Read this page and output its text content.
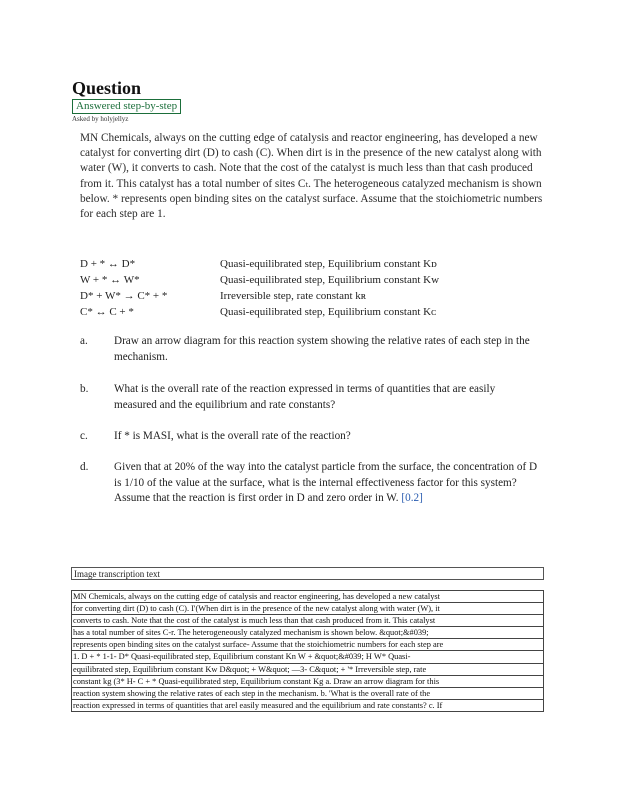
Question
Answered step-by-step
Asked by holyjellyz
MN Chemicals, always on the cutting edge of catalysis and reactor engineering, has developed a new catalyst for converting dirt (D) to cash (C). When dirt is in the presence of the new catalyst along with water (W), it converts to cash. Note that the cost of the catalyst is much less than that cash produced from it. This catalyst has a total number of sites Cₜ. The heterogeneous catalyzed mechanism is shown below. * represents open binding sites on the catalyst surface. Assume that the stoichiometric numbers for each step are 1.
D + * ↔ D*	Quasi-equilibrated step, Equilibrium constant Kᴅ
W + * ↔ W*	Quasi-equilibrated step, Equilibrium constant Kᴡ
D* + W* → C* + *	Irreversible step, rate constant kʀ
C* ↔ C + *	Quasi-equilibrated step, Equilibrium constant Kᴄ
a.	Draw an arrow diagram for this reaction system showing the relative rates of each step in the mechanism.
b.	What is the overall rate of the reaction expressed in terms of quantities that are easily measured and the equilibrium and rate constants?
c.	If * is MASI, what is the overall rate of the reaction?
d.	Given that at 20% of the way into the catalyst particle from the surface, the concentration of D is 1/10 of the value at the surface, what is the internal effectiveness factor for this system? Assume that the reaction is first order in D and zero order in W. [0.2]
Image transcription text
MN Chemicals, always on the cutting edge of catalysis and reactor engineering, has developed a new catalyst
for converting dirt (D) to cash (C). I'(When dirt is in the presence of the new catalyst along with water (W), it
converts to cash. Note that the cost of the catalyst is much less than that cash produced from it. This catalyst
has a total number of sites C-r. The heterogeneously catalyzed mechanism is shown below. &quot;&#039;
represents open binding sites on the catalyst surface- Assume that the stoichiometric numbers for each step are
1. D + * 1-1- D* Quasi-equilibrated step, Equilibrium constant Kn W + &quot;&#039; H W* Quasi-
equilibrated step, Equilibrium constant Kw D&quot; + W&quot; —3- C&quot; + '* Irreversible step, rate
constant kg (3* H- C + * Quasi-equilibrated step, Equilibrium constant Kg a. Draw an arrow diagram for this
reaction system showing the relative rates of each step in the mechanism. b. 'What is the overall rate of the
reaction expressed in terms of quantities that arel easily measured and the equilibrium and rate constants? c. If
